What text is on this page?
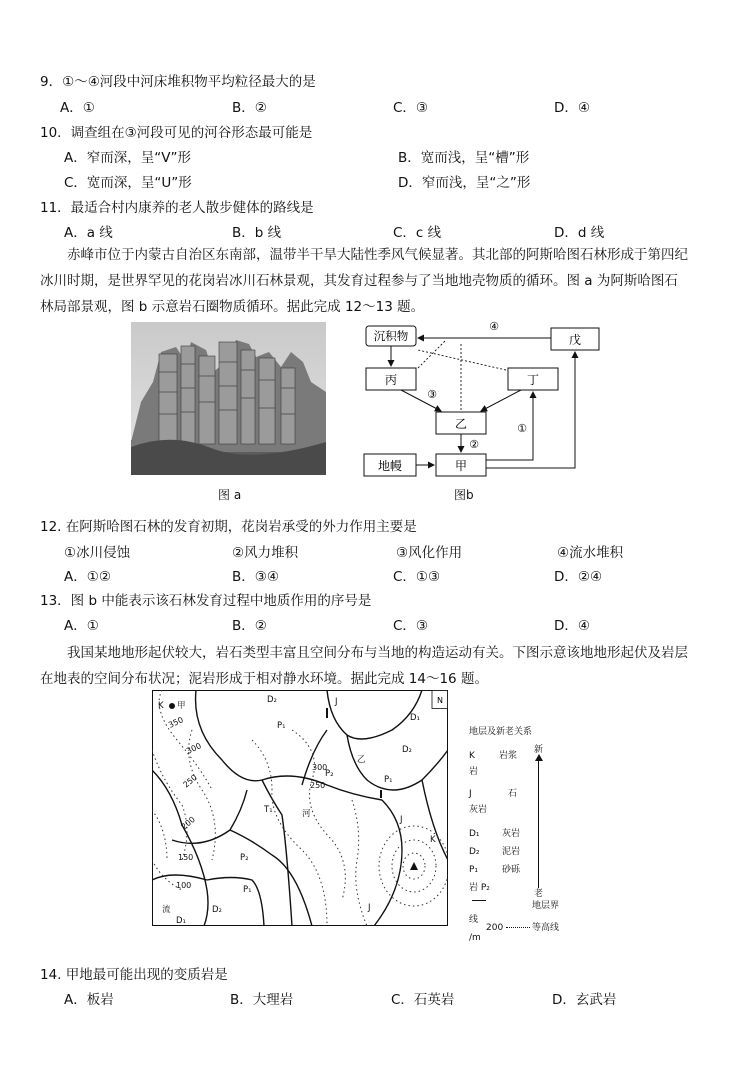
9．①～④河段中河床堆积物平均粒径最大的是
A．①	B．②	C．③	D．④
10．调查组在③河段可见的河谷形态最可能是
A．窄而深，呈“V”形	B．宽而浅，呈“槽”形
C．宽而深，呈“U”形	D．窄而浅，呈“之”形
11．最适合村内康养的老人散步健体的路线是
A．a 线	B．b 线	C．c 线	D．d 线
赤峰市位于内蒙古自治区东南部，温带半干旱大陆性季风气候显著。其北部的阿斯哈图石林形成于第四纪冰川时期，是世界罕见的花岗岩冰川石林景观，其发育过程参与了当地地壳物质的循环。图 a 为阿斯哈图石林局部景观，图 b 示意岩石圈物质循环。据此完成 12～13 题。
图 a
沉积物	戊
丙	丁
乙
甲
地幔
④
③
②
①
图b
12. 在阿斯哈图石林的发育初期，花岗岩承受的外力作用主要是
①冰川侵蚀	②风力堆积	③风化作用	④流水堆积
A．①②	B．③④	C．①③	D．②④
13．图 b 中能表示该石林发育过程中地质作用的序号是
A．①	B．②	C．③	D．④
我国某地地形起伏较大，岩石类型丰富且空间分布与当地的构造运动有关。下图示意该地地形起伏及岩层在地表的空间分布状况；泥岩形成于相对静水环境。据此完成 14～16 题。
N
K 甲
D₂	J
D₁
P₁
D₂
乙
P₁
P₂
T₁	河
J
K
P₂
P₁
D₂
D₁
流	J
350
300
250
200
150
100
300
250
地层及新老关系
新
K	岩浆
岩
J	石
灰岩
D₁ 灰岩
D₂ 泥岩
P₁	砂砾
岩 P₂
老
地层界
线
200	等高线
/m
14. 甲地最可能出现的变质岩是
A．板岩	B．大理岩	C．石英岩	D．玄武岩
